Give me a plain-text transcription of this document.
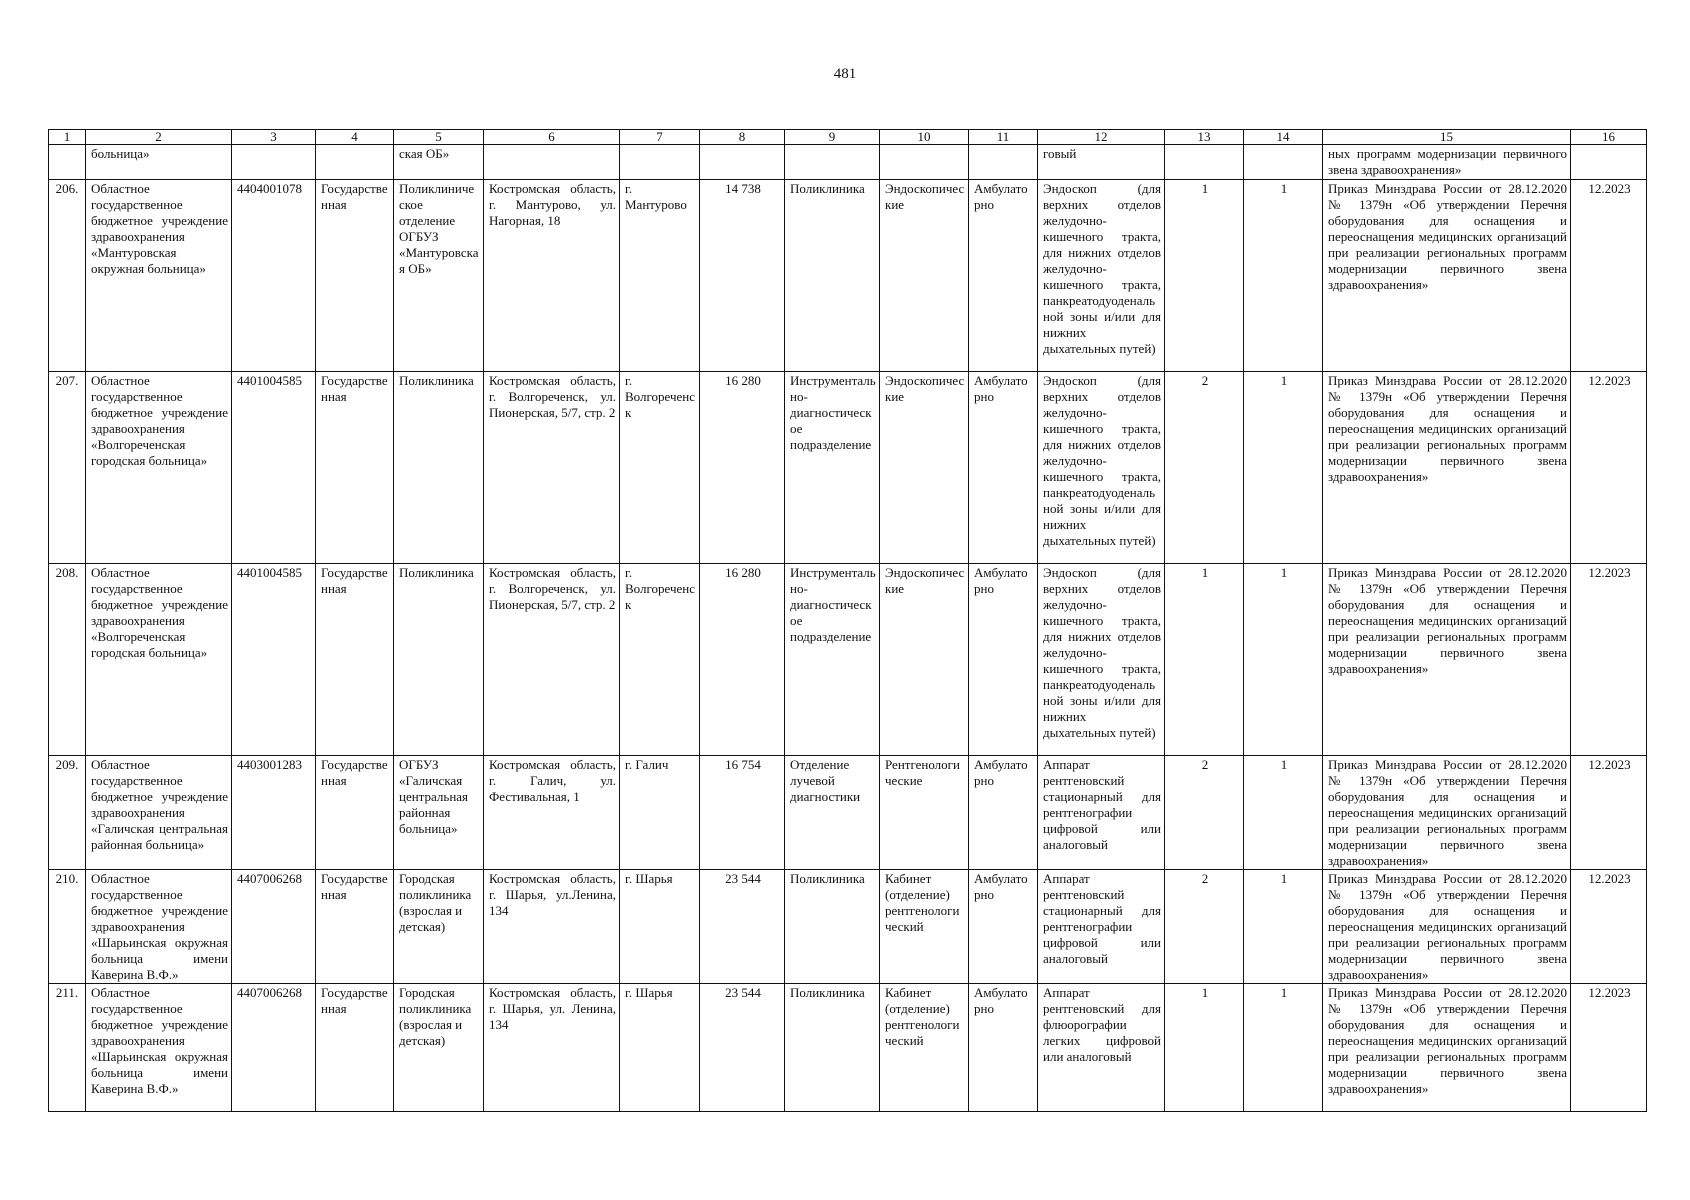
481
1	2	3	4	5	6	7	8	9	10	11	12	13	14	15	16
	больница»			ская ОБ»							говый			ных программ модернизации первичного звена здравоохранения»	
206.	Областное государственное бюджетное учреждение здравоохранения «Мантуровская окружная больница»	4404001078	Государственная	Поликлиническое отделение ОГБУЗ «Мантуровская ОБ»	Костромская область, г. Мантурово, ул. Нагорная, 18	г. Мантурово	14 738	Поликлиника	Эндоскопические	Амбулаторно	Эндоскоп (для верхних отделов желудочно-кишечного тракта, для нижних отделов желудочно-кишечного тракта, панкреатодуоденальной зоны и/или для нижних дыхательных путей)	1	1	Приказ Минздрава России от 28.12.2020 № 1379н «Об утверждении Перечня оборудования для оснащения и переоснащения медицинских организаций при реализации региональных программ модернизации первичного звена здравоохранения»	12.2023
207.	Областное государственное бюджетное учреждение здравоохранения «Волгореченская городская больница»	4401004585	Государственная	Поликлиника	Костромская область, г. Волгореченск, ул. Пионерская, 5/7, стр. 2	г. Волгореченск	16 280	Инструментально-диагностическое подразделение	Эндоскопические	Амбулаторно	Эндоскоп (для верхних отделов желудочно-кишечного тракта, для нижних отделов желудочно-кишечного тракта, панкреатодуоденальной зоны и/или для нижних дыхательных путей)	2	1	Приказ Минздрава России от 28.12.2020 № 1379н «Об утверждении Перечня оборудования для оснащения и переоснащения медицинских организаций при реализации региональных программ модернизации первичного звена здравоохранения»	12.2023
208.	Областное государственное бюджетное учреждение здравоохранения «Волгореченская городская больница»	4401004585	Государственная	Поликлиника	Костромская область, г. Волгореченск, ул. Пионерская, 5/7, стр. 2	г. Волгореченск	16 280	Инструментально-диагностическое подразделение	Эндоскопические	Амбулаторно	Эндоскоп (для верхних отделов желудочно-кишечного тракта, для нижних отделов желудочно-кишечного тракта, панкреатодуоденальной зоны и/или для нижних дыхательных путей)	1	1	Приказ Минздрава России от 28.12.2020 № 1379н «Об утверждении Перечня оборудования для оснащения и переоснащения медицинских организаций при реализации региональных программ модернизации первичного звена здравоохранения»	12.2023
209.	Областное государственное бюджетное учреждение здравоохранения «Галичская центральная районная больница»	4403001283	Государственная	ОГБУЗ «Галичская центральная районная больница»	Костромская область, г. Галич, ул. Фестивальная, 1	г. Галич	16 754	Отделение лучевой диагностики	Рентгенологические	Амбулаторно	Аппарат рентгеновский стационарный для рентгенографии цифровой или аналоговый	2	1	Приказ Минздрава России от 28.12.2020 № 1379н «Об утверждении Перечня оборудования для оснащения и переоснащения медицинских организаций при реализации региональных программ модернизации первичного звена здравоохранения»	12.2023
210.	Областное государственное бюджетное учреждение здравоохранения «Шарьинская окружная больница имени Каверина В.Ф.»	4407006268	Государственная	Городская поликлиника (взрослая и детская)	Костромская область, г. Шарья, ул.Ленина, 134	г. Шарья	23 544	Поликлиника	Кабинет (отделение) рентгенологический	Амбулаторно	Аппарат рентгеновский стационарный для рентгенографии цифровой или аналоговый	2	1	Приказ Минздрава России от 28.12.2020 № 1379н «Об утверждении Перечня оборудования для оснащения и переоснащения медицинских организаций при реализации региональных программ модернизации первичного звена здравоохранения»	12.2023
211.	Областное государственное бюджетное учреждение здравоохранения «Шарьинская окружная больница имени Каверина В.Ф.»	4407006268	Государственная	Городская поликлиника (взрослая и детская)	Костромская область, г. Шарья, ул. Ленина, 134	г. Шарья	23 544	Поликлиника	Кабинет (отделение) рентгенологический	Амбулаторно	Аппарат рентгеновский для флюорографии легких цифровой или аналоговый	1	1	Приказ Минздрава России от 28.12.2020 № 1379н «Об утверждении Перечня оборудования для оснащения и переоснащения медицинских организаций при реализации региональных программ модернизации первичного звена здравоохранения»	12.2023
